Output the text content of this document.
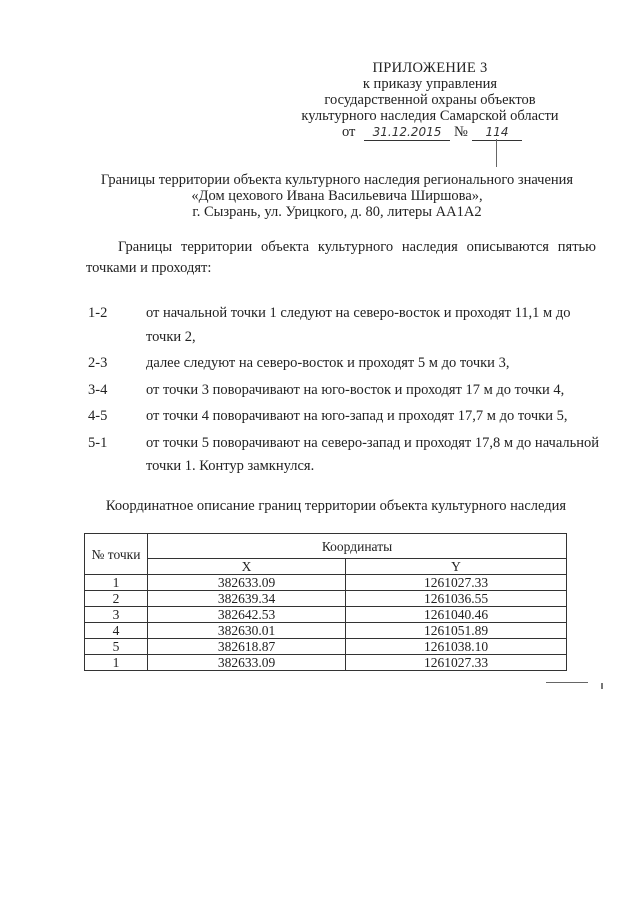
ПРИЛОЖЕНИЕ 3
к приказу управления
государственной охраны объектов
культурного наследия Самарской области
от	31.12.2015 №	114
Границы территории объекта культурного наследия регионального значения
«Дом цехового Ивана Васильевича Ширшова»,
г. Сызрань, ул. Урицкого, д. 80, литеры АА1А2
Границы территории объекта культурного наследия описываются пятью
точками и проходят:
1-2	от начальной точки 1 следуют на северо-восток и проходят 11,1 м до точки 2,
2-3	далее следуют на северо-восток и проходят 5 м до точки 3,
3-4	от точки 3 поворачивают на юго-восток и проходят 17 м до точки 4,
4-5	от точки 4 поворачивают на юго-запад и проходят 17,7 м до точки 5,
5-1	от точки 5 поворачивают на северо-запад и проходят 17,8 м до начальной точки 1. Контур замкнулся.
Координатное описание границ территории объекта культурного наследия
№ точки	Координаты	
	X	Y
1	382633.09	1261027.33
2	382639.34	1261036.55
3	382642.53	1261040.46
4	382630.01	1261051.89
5	382618.87	1261038.10
1	382633.09	1261027.33
